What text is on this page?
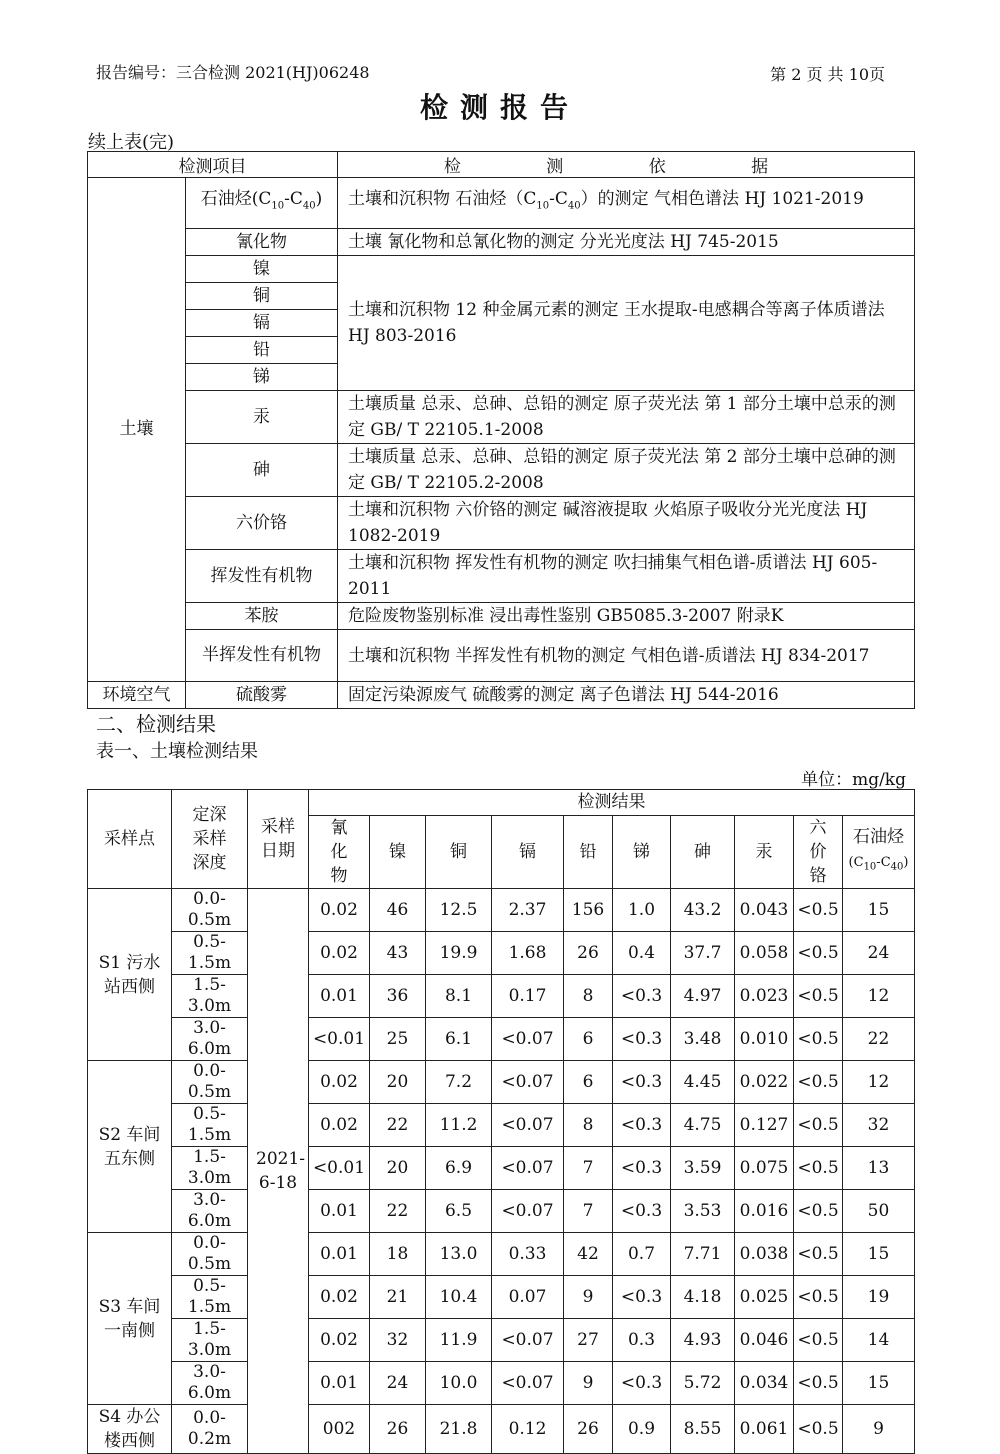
报告编号：三合检测 2021(HJ)06248	第 2 页 共 10页
检测报告
续上表(完)
检测项目		检 测 依 据
土壤	石油烃$(C_{10}-C_{40})$	土壤和沉积物 石油烃$(C_{10}-C_{40})$的测定 气相色谱法 HJ 1021-2019
	氰化物	土壤 氰化物和总氰化物的测定 分光光度法 HJ 745-2015
	镍	土壤和沉积物 12 种金属元素的测定 王水提取-电感耦合等离子体质谱法 HJ 803-2016
	铜	
	镉	
	铅	
	锑	
	汞	土壤质量 总汞、总砷、总铅的测定 原子荧光法 第 1 部分土壤中总汞的测定 GB/ T 22105.1-2008
	砷	土壤质量 总汞、总砷、总铅的测定 原子荧光法 第 2 部分土壤中总砷的测定 GB/ T 22105.2-2008
	六价铬	土壤和沉积物 六价铬的测定 碱溶液提取 火焰原子吸收分光光度法 HJ 1082-2019
	挥发性有机物	土壤和沉积物 挥发性有机物的测定 吹扫捕集气相色谱-质谱法 HJ 605-2011
	苯胺	危险废物鉴别标准 浸出毒性鉴别 GB5085.3-2007 附录K
	半挥发性有机物	土壤和沉积物 半挥发性有机物的测定 气相色谱-质谱法 HJ 834-2017
环境空气	硫酸雾	固定污染源废气 硫酸雾的测定 离子色谱法 HJ 544-2016
二、检测结果
表一、土壤检测结果
单位：mg/kg
采样点	定深采样深度	采样日期	检测结果									
			氰化物	镍	铜	镉	铅	锑	砷	汞	六价铬	石油烃
$(C_{10}-C_{40})$
S1 污水站西侧	0.0-0.5m	2021-6-18	0.02	46	12.5	2.37	156	1.0	43.2	0.043	<0.5	15
	0.5-1.5m		0.02	43	19.9	1.68	26	0.4	37.7	0.058	<0.5	24
	1.5-3.0m		0.01	36	8.1	0.17	8	<0.3	4.97	0.023	<0.5	12
	3.0-6.0m		<0.01	25	6.1	<0.07	6	<0.3	3.48	0.010	<0.5	22
S2 车间五东侧	0.0-0.5m		0.02	20	7.2	<0.07	6	<0.3	4.45	0.022	<0.5	12
	0.5-1.5m		0.02	22	11.2	<0.07	8	<0.3	4.75	0.127	<0.5	32
	1.5-3.0m		<0.01	20	6.9	<0.07	7	<0.3	3.59	0.075	<0.5	13
	3.0-6.0m		0.01	22	6.5	<0.07	7	<0.3	3.53	0.016	<0.5	50
S3 车间一南侧	0.0-0.5m		0.01	18	13.0	0.33	42	0.7	7.71	0.038	<0.5	15
	0.5-1.5m		0.02	21	10.4	0.07	9	<0.3	4.18	0.025	<0.5	19
	1.5-3.0m		0.02	32	11.9	<0.07	27	0.3	4.93	0.046	<0.5	14
	3.0-6.0m		0.01	24	10.0	<0.07	9	<0.3	5.72	0.034	<0.5	15
S4 办公楼西侧	0.0-0.2m		002	26	21.8	0.12	26	0.9	8.55	0.061	<0.5	9
